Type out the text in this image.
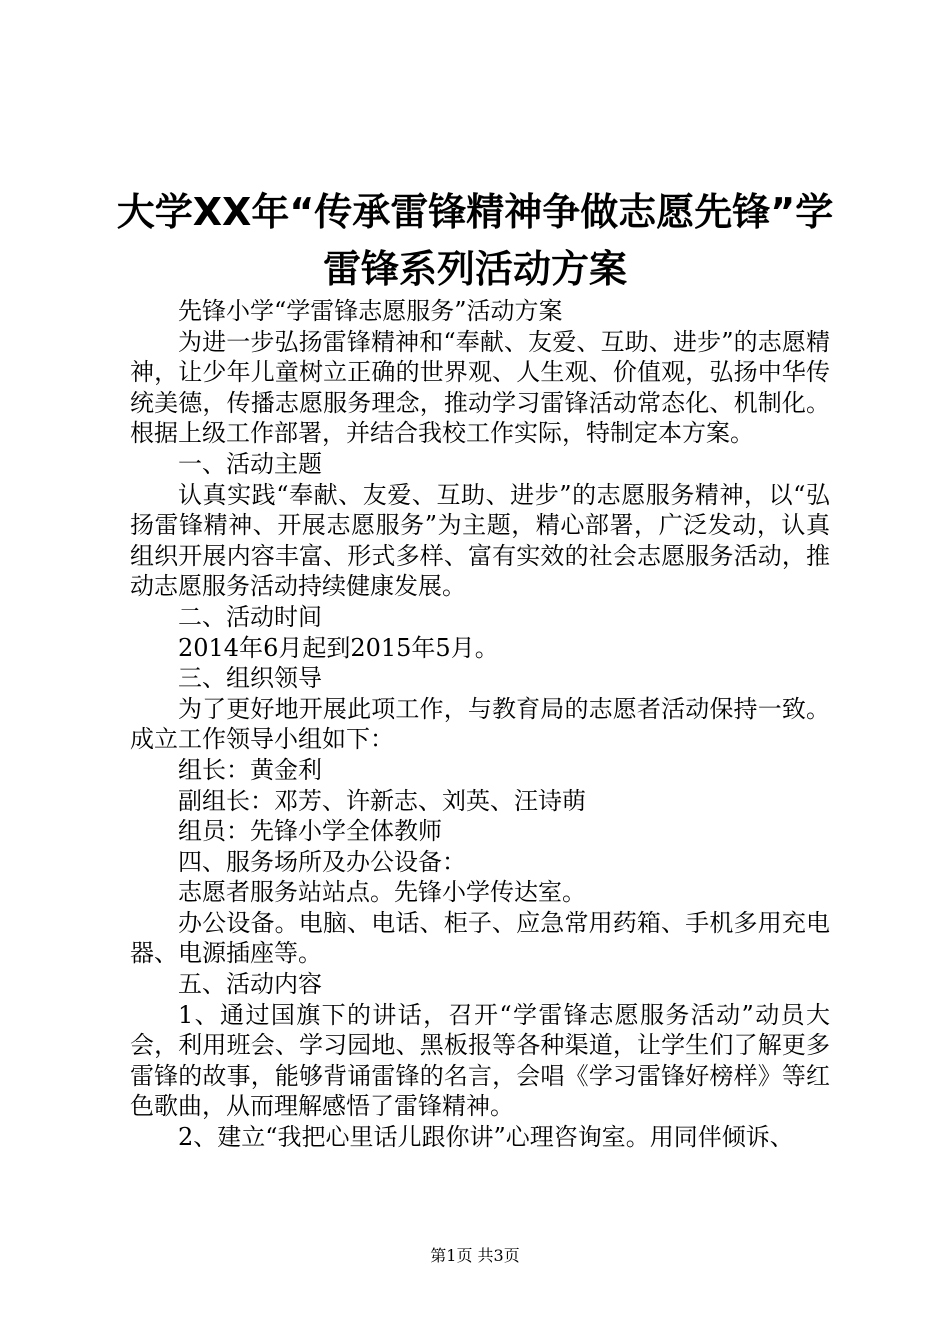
大学XX年“传承雷锋精神争做志愿先锋”学
雷锋系列活动方案

先锋小学“学雷锋志愿服务”活动方案

为进一步弘扬雷锋精神和“奉献、友爱、互助、进步”的志愿精神，让少年儿童树立正确的世界观、人生观、价值观，弘扬中华传统美德，传播志愿服务理念，推动学习雷锋活动常态化、机制化。根据上级工作部署，并结合我校工作实际，特制定本方案。

一、活动主题

认真实践“奉献、友爱、互助、进步”的志愿服务精神，以“弘扬雷锋精神、开展志愿服务”为主题，精心部署，广泛发动，认真组织开展内容丰富、形式多样、富有实效的社会志愿服务活动，推动志愿服务活动持续健康发展。

二、活动时间

2014年6月起到2015年5月。

三、组织领导

为了更好地开展此项工作，与教育局的志愿者活动保持一致。成立工作领导小组如下：

组长：黄金利

副组长：邓芳、许新志、刘英、汪诗萌

组员：先锋小学全体教师

四、服务场所及办公设备：

志愿者服务站站点。先锋小学传达室。

办公设备。电脑、电话、柜子、应急常用药箱、手机多用充电器、电源插座等。

五、活动内容

1、通过国旗下的讲话，召开“学雷锋志愿服务活动”动员大会，利用班会、学习园地、黑板报等各种渠道，让学生们了解更多雷锋的故事，能够背诵雷锋的名言，会唱《学习雷锋好榜样》等红色歌曲，从而理解感悟了雷锋精神。

2、建立“我把心里话儿跟你讲”心理咨询室。用同伴倾诉、

第1页 共3页
